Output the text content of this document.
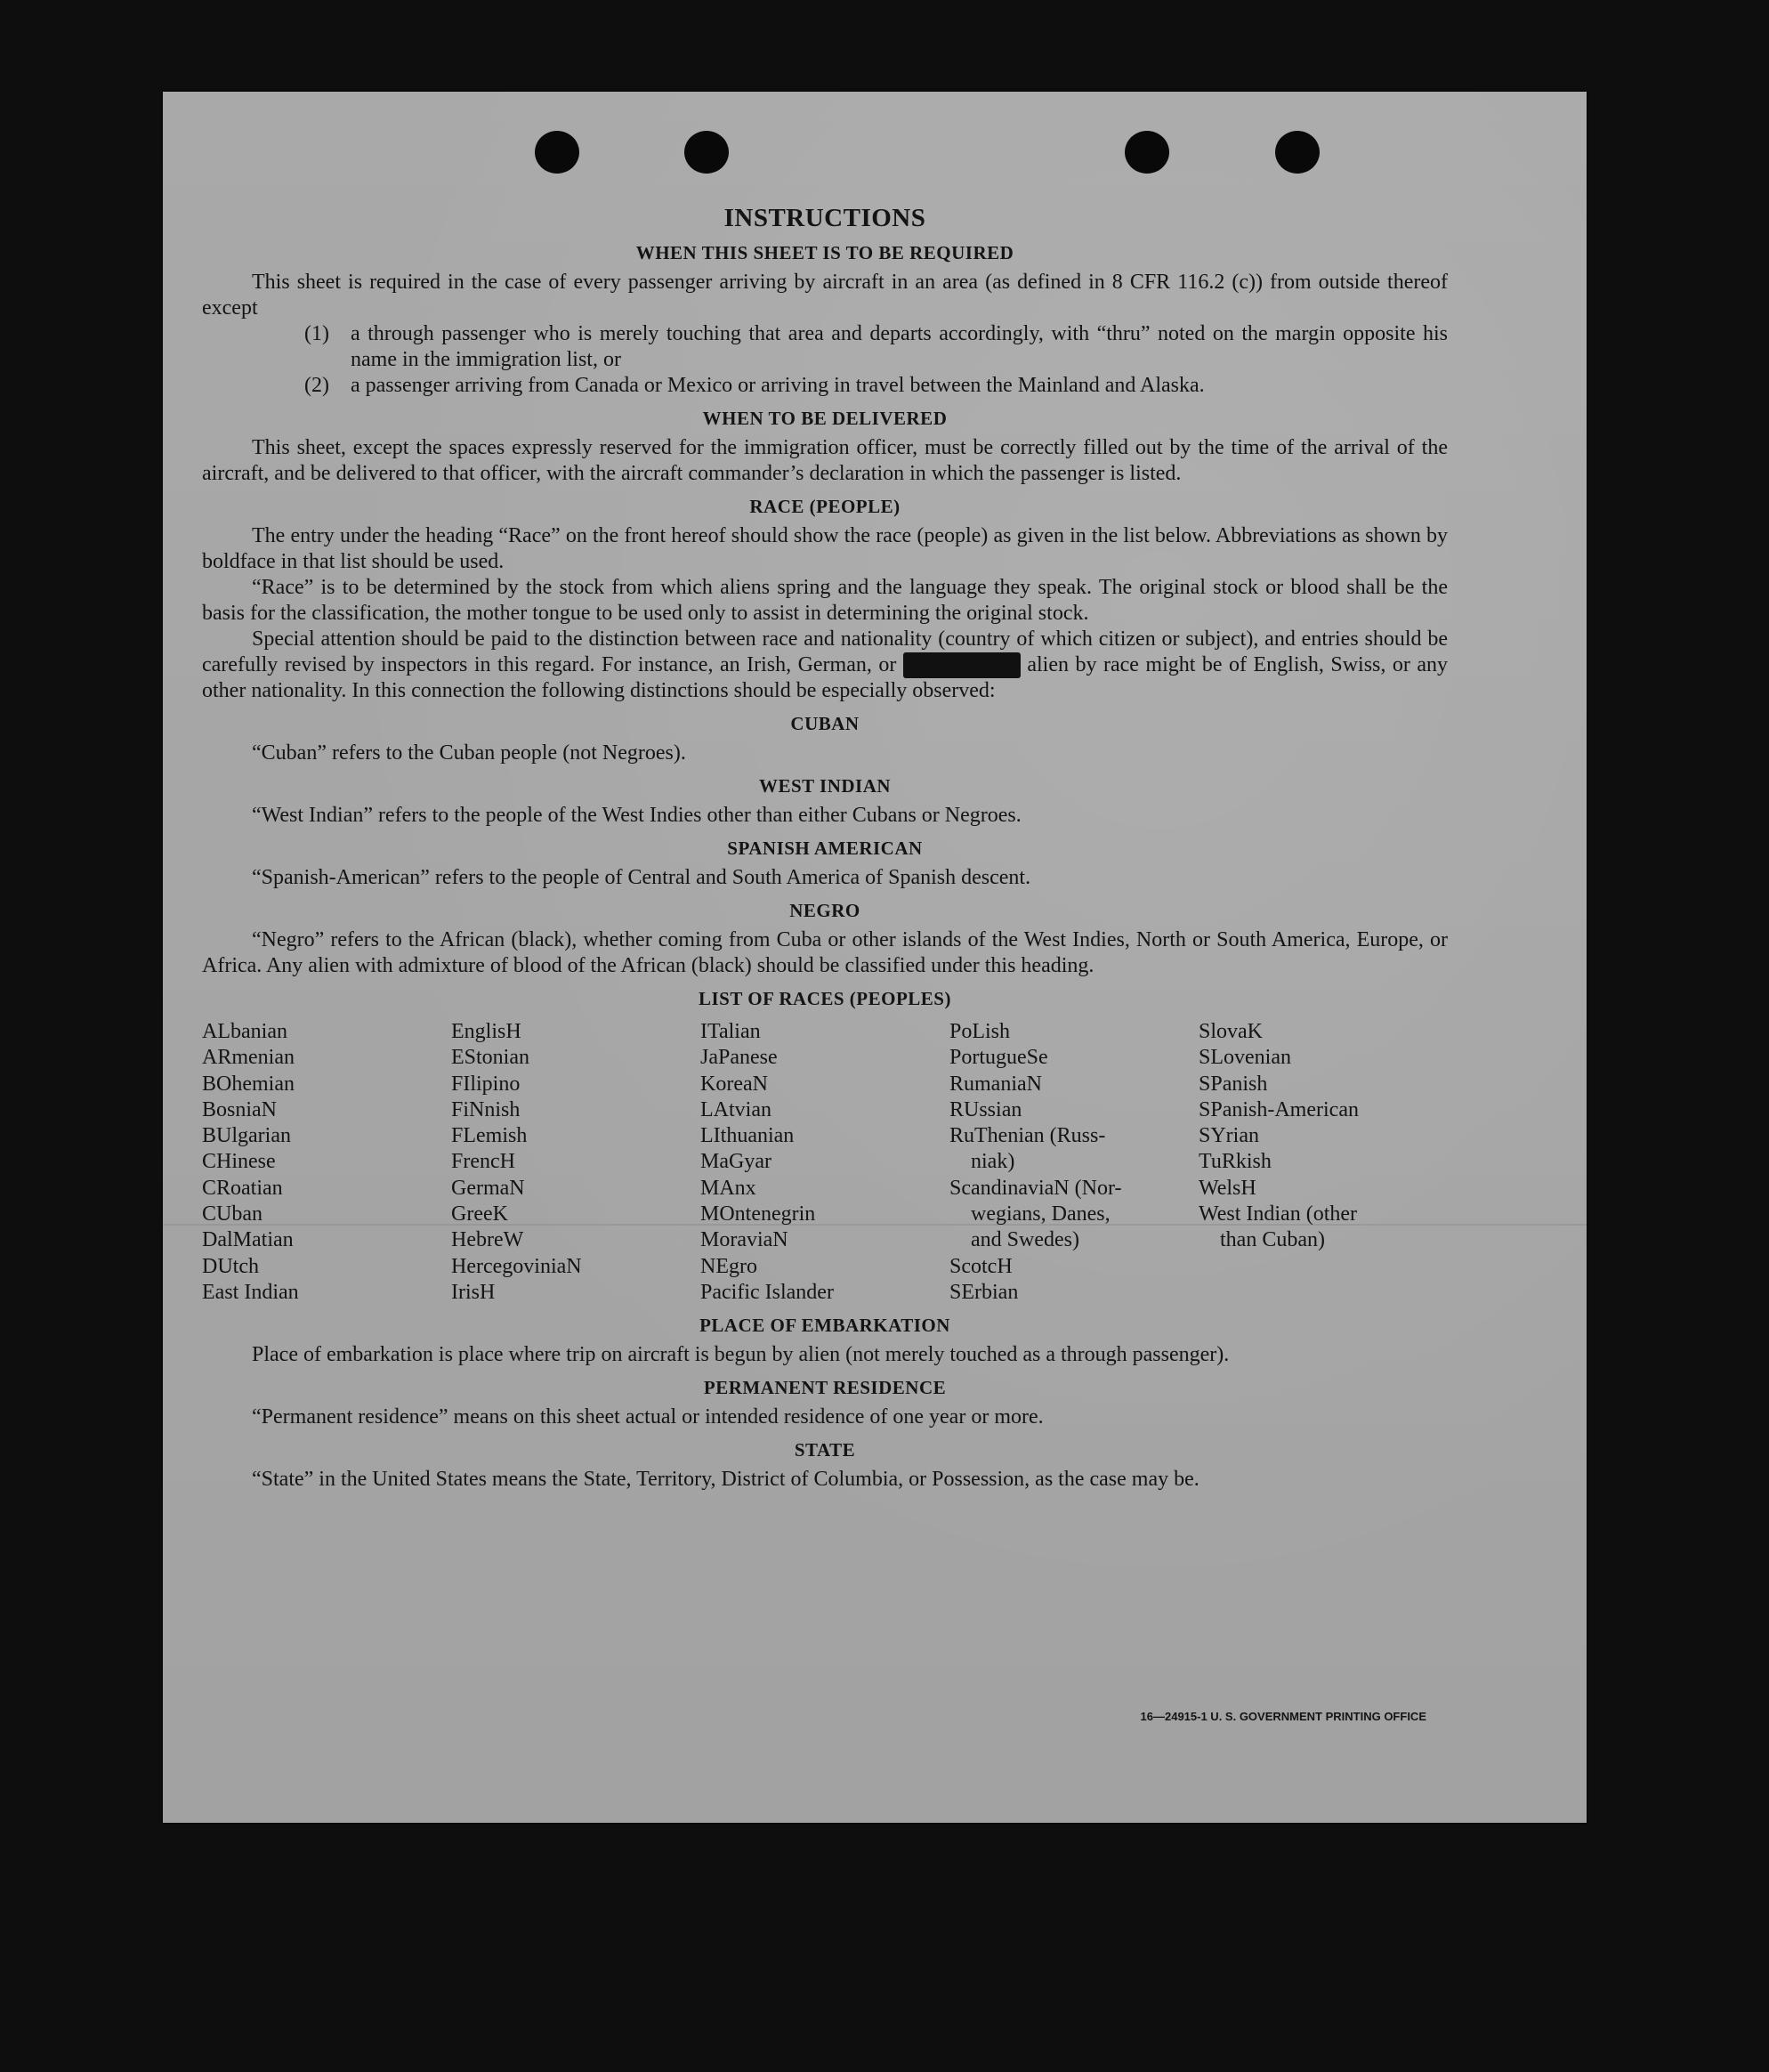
INSTRUCTIONS
WHEN THIS SHEET IS TO BE REQUIRED

This sheet is required in the case of every passenger arriving by aircraft in an area (as defined in 8 CFR 116.2 (c)) from outside thereof except

(1)	a through passenger who is merely touching that area and departs accordingly, with “thru” noted on the margin opposite his name in the immigration list, or
(2)	a passenger arriving from Canada or Mexico or arriving in travel between the Mainland and Alaska.
WHEN TO BE DELIVERED

This sheet, except the spaces expressly reserved for the immigration officer, must be correctly filled out by the time of the arrival of the aircraft, and be delivered to that officer, with the aircraft commander’s declaration in which the passenger is listed.

RACE (PEOPLE)

The entry under the heading “Race” on the front hereof should show the race (people) as given in the list below. Abbreviations as shown by boldface in that list should be used.

“Race” is to be determined by the stock from which aliens spring and the language they speak. The original stock or blood shall be the basis for the classification, the mother tongue to be used only to assist in determining the original stock.

Special attention should be paid to the distinction between race and nationality (country of which citizen or subject), and entries should be carefully revised by inspectors in this regard. For instance, an Irish, German, or	alien by race might be of English, Swiss, or any other nationality. In this connection the following distinctions should be especially observed:

CUBAN

“Cuban” refers to the Cuban people (not Negroes).

WEST INDIAN

“West Indian” refers to the people of the West Indies other than either Cubans or Negroes.

SPANISH AMERICAN

“Spanish-American” refers to the people of Central and South America of Spanish descent.

NEGRO

“Negro” refers to the African (black), whether coming from Cuba or other islands of the West Indies, North or South America, Europe, or Africa. Any alien with admixture of blood of the African (black) should be classified under this heading.

LIST OF RACES (PEOPLES)
ALbanian
ARmenian
BOhemian
BosniaN
BUlgarian
CHinese
CRoatian
CUban
DalMatian
DUtch
East Indian
EnglisH
EStonian
FIlipino
FiNnish
FLemish
FrencH
GermaN
GreeK
HebreW
HercegoviniaN
IrisH
ITalian
JaPanese
KoreaN
LAtvian
LIthuanian
MaGyar
MAnx
MOntenegrin
MoraviaN
NEgro
Pacific Islander
PoLish
PortugueSe
RumaniaN
RUssian
RuThenian (Russ-
niak)
ScandinaviaN (Nor-
wegians, Danes,
and Swedes)
ScotcH
SErbian
SlovaK
SLovenian
SPanish
SPanish-American
SYrian
TuRkish
WelsH
West Indian (other
than Cuban)
PLACE OF EMBARKATION

Place of embarkation is place where trip on aircraft is begun by alien (not merely touched as a through passenger).

PERMANENT RESIDENCE

“Permanent residence” means on this sheet actual or intended residence of one year or more.

STATE

“State” in the United States means the State, Territory, District of Columbia, or Possession, as the case may be.

16—24915-1 U. S. GOVERNMENT PRINTING OFFICE
